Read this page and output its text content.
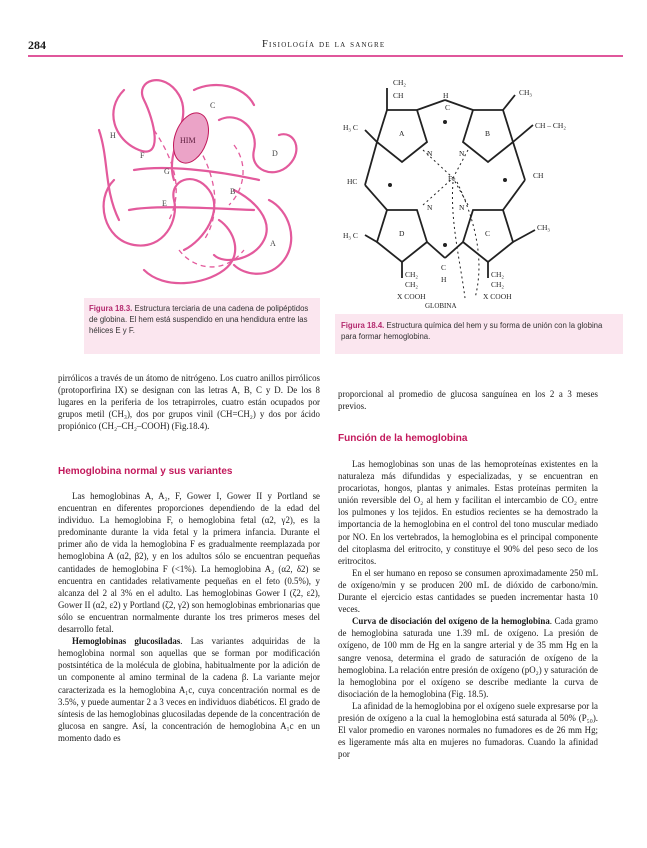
284	Fisiología de la sangre
HIM
C
H
F
G
E
B
D
A
Figura 18.3. Estructura terciaria de una cadena de polipéptidos de globina. El hem está suspendido en una hendidura entre las hélices E y F.
CH₂
CH	H
C
CH₃
CH – CH₂
CH
CH₃
H₃ C
HC
H₃ C
C
H
CH₂
CH₂
X COOH
CH₂
CH₂
X COOH
GLOBINA
Fe
N	N
N	N
A	B
D	C
Figura 18.4. Estructura química del hem y su forma de unión con la globina para formar hemoglobina.

pirrólicos a través de un átomo de nitrógeno. Los cuatro anillos pirrólicos (protoporfirina IX) se designan con las letras A, B, C y D. De los 8 lugares en la periferia de los tetrapirroles, cuatro están ocupados por grupos metil (CH₃), dos por grupos vinil (CH=CH₂) y dos por ácido propiónico (CH₂–CH₂–COOH) (Fig.18.4).

Hemoglobina normal y sus variantes

Las hemoglobinas A, A₂, F, Gower I, Gower II y Portland se encuentran en diferentes proporciones dependiendo de la edad del individuo. La hemoglobina F, o hemoglobina fetal (α2, γ2), es la predominante durante la vida fetal y la primera infancia. Durante el primer año de vida la hemoglobina F es gradualmente reemplazada por hemoglobina A (α2, β2), y en los adultos sólo se encuentran pequeñas cantidades de hemoglobina F (<1%). La hemoglobina A₂ (α2, δ2) se encuentra en cantidades relativamente pequeñas en el feto (0.5%), y alcanza del 2 al 3% en el adulto. Las hemoglobinas Gower I (ζ2, ε2), Gower II (α2, ε2) y Portland (ζ2, γ2) son hemoglobinas embrionarias que sólo se encuentran normalmente durante los tres primeros meses del desarrollo fetal.

Hemoglobinas glucosiladas. Las variantes adquiridas de la hemoglobina normal son aquellas que se forman por modificación postsintética de la molécula de globina, habitualmente por la adición de un componente al amino terminal de la cadena β. La variante mejor caracterizada es la hemoglobina A₁c, cuya concentración normal es de 3.5%, y puede aumentar 2 a 3 veces en individuos diabéticos. El grado de síntesis de las hemoglobinas glucosiladas depende de la concentración de glucosa en sangre. Así, la concentración de hemoglobina A₁c en un momento dado es

proporcional al promedio de glucosa sanguínea en los 2 a 3 meses previos.

Función de la hemoglobina

Las hemoglobinas son unas de las hemoproteínas existentes en la naturaleza más difundidas y especializadas, y se encuentran en procariotas, hongos, plantas y animales. Estas proteínas permiten la unión reversible del O₂ al hem y facilitan el intercambio de CO₂ entre los pulmones y los tejidos. En estudios recientes se ha demostrado la importancia de la hemoglobina en el control del tono muscular mediado por NO. En los vertebrados, la hemoglobina es el principal componente del citoplasma del eritrocito, y constituye el 90% del peso seco de los eritrocitos.

En el ser humano en reposo se consumen aproximadamente 250 mL de oxígeno/min y se producen 200 mL de dióxido de carbono/min. Durante el ejercicio estas cantidades se pueden incrementar hasta 10 veces.

Curva de disociación del oxígeno de la hemoglobina. Cada gramo de hemoglobina saturada une 1.39 mL de oxígeno. La presión de oxígeno, de 100 mm de Hg en la sangre arterial y de 35 mm Hg en la sangre venosa, determina el grado de saturación de oxígeno de la hemoglobina. La relación entre presión de oxígeno (pO₂) y saturación de la hemoglobina por el oxígeno se describe mediante la curva de disociación de la hemoglobina (Fig. 18.5).

La afinidad de la hemoglobina por el oxígeno suele expresarse por la presión de oxígeno a la cual la hemoglobina está saturada al 50% (P₅₀). El valor promedio en varones normales no fumadores es de 26 mm Hg; es ligeramente más alta en mujeres no fumadoras. Cuando la afinidad por
